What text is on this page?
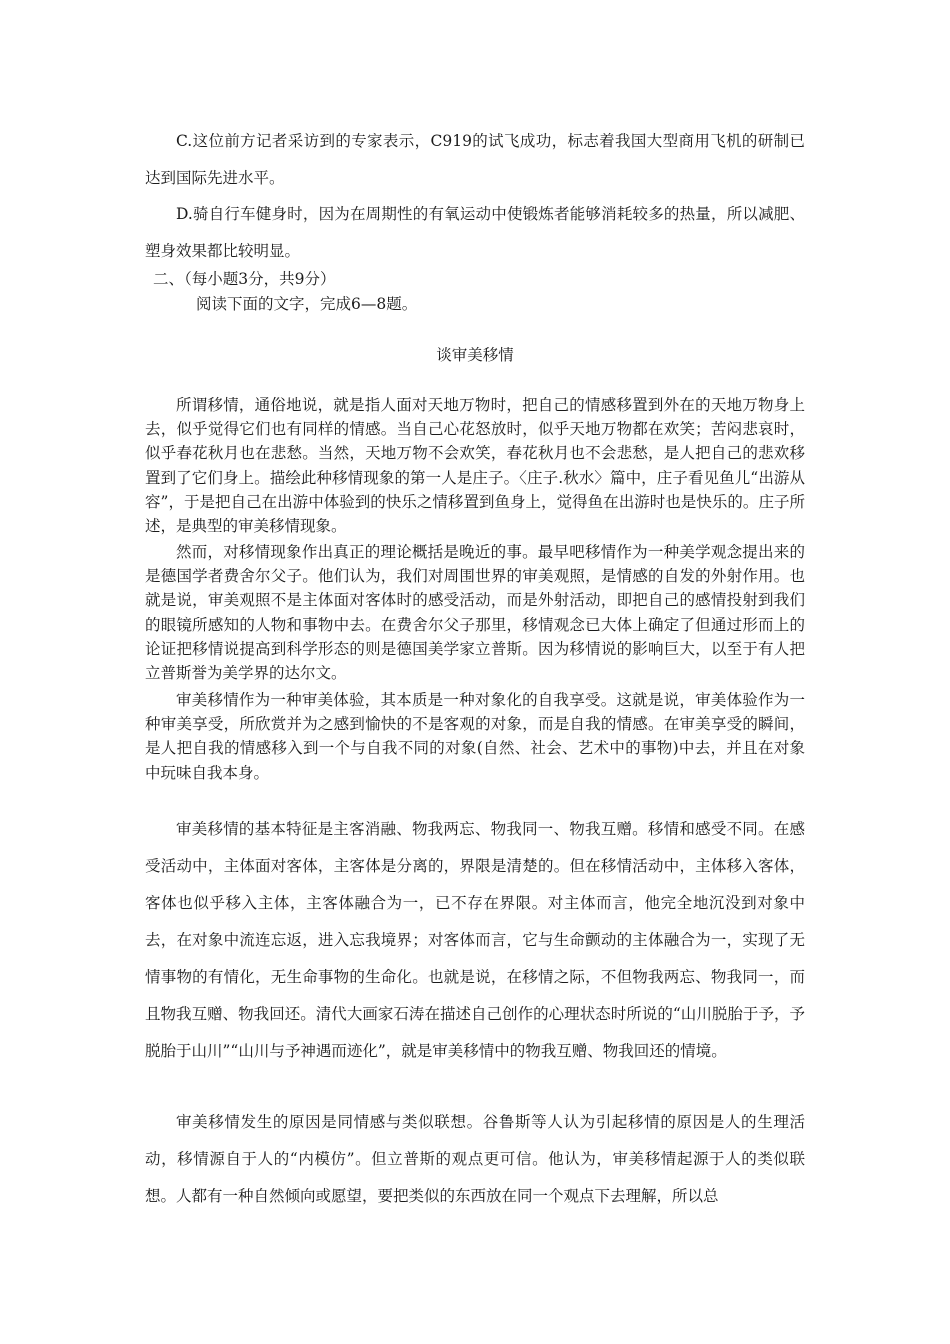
C.这位前方记者采访到的专家表示，C919的试飞成功，标志着我国大型商用飞机的研制已达到国际先进水平。

D.骑自行车健身时，因为在周期性的有氧运动中使锻炼者能够消耗较多的热量，所以减肥、塑身效果都比较明显。

二、（每小题3分，共9分）
阅读下面的文字，完成6—8题。
谈审美移情

所谓移情，通俗地说，就是指人面对天地万物时，把自己的情感移置到外在的天地万物身上去，似乎觉得它们也有同样的情感。当自己心花怒放时，似乎天地万物都在欢笑；苦闷悲哀时，似乎春花秋月也在悲愁。当然，天地万物不会欢笑，春花秋月也不会悲愁，是人把自己的悲欢移置到了它们身上。描绘此种移情现象的第一人是庄子。〈庄子.秋水〉篇中，庄子看见鱼儿“出游从容”，于是把自己在出游中体验到的快乐之情移置到鱼身上，觉得鱼在出游时也是快乐的。庄子所述，是典型的审美移情现象。

然而，对移情现象作出真正的理论概括是晚近的事。最早吧移情作为一种美学观念提出来的是德国学者费舍尔父子。他们认为，我们对周围世界的审美观照，是情感的自发的外射作用。也就是说，审美观照不是主体面对客体时的感受活动，而是外射活动，即把自己的感情投射到我们的眼镜所感知的人物和事物中去。在费舍尔父子那里，移情观念已大体上确定了但通过形而上的论证把移情说提高到科学形态的则是德国美学家立普斯。因为移情说的影响巨大，以至于有人把立普斯誉为美学界的达尔文。

审美移情作为一种审美体验，其本质是一种对象化的自我享受。这就是说，审美体验作为一种审美享受，所欣赏并为之感到愉快的不是客观的对象，而是自我的情感。在审美享受的瞬间，是人把自我的情感移入到一个与自我不同的对象(自然、社会、艺术中的事物)中去，并且在对象中玩味自我本身。

审美移情的基本特征是主客消融、物我两忘、物我同一、物我互赠。移情和感受不同。在感受活动中，主体面对客体，主客体是分离的，界限是清楚的。但在移情活动中，主体移入客体，客体也似乎移入主体，主客体融合为一，已不存在界限。对主体而言，他完全地沉没到对象中去，在对象中流连忘返，进入忘我境界；对客体而言，它与生命颤动的主体融合为一，实现了无情事物的有情化，无生命事物的生命化。也就是说，在移情之际，不但物我两忘、物我同一，而且物我互赠、物我回还。清代大画家石涛在描述自己创作的心理状态时所说的“山川脱胎于予，予脱胎于山川”“山川与予神遇而迹化”，就是审美移情中的物我互赠、物我回还的情境。

审美移情发生的原因是同情感与类似联想。谷鲁斯等人认为引起移情的原因是人的生理活动，移情源自于人的“内模仿”。但立普斯的观点更可信。他认为，审美移情起源于人的类似联想。人都有一种自然倾向或愿望，要把类似的东西放在同一个观点下去理解，所以总
